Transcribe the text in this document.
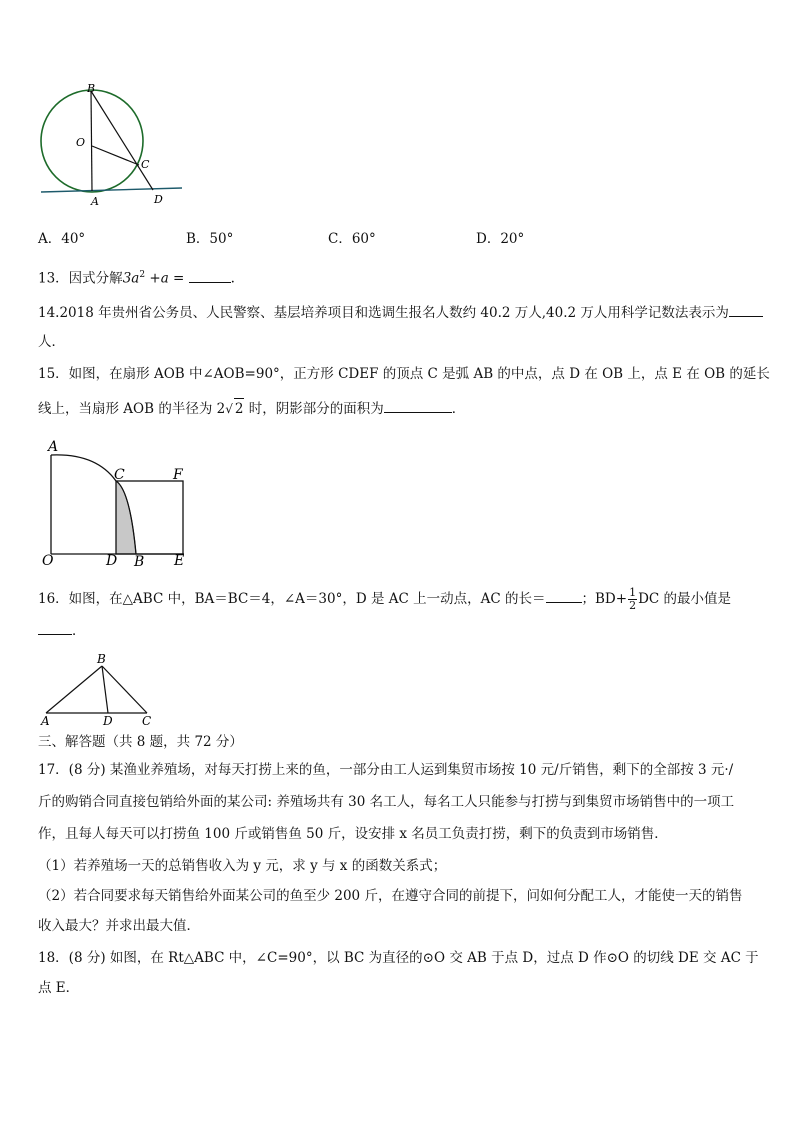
B
O
C
A	D
A．40°	B．50°	C．60°	D．20°
13．因式分解$3a^2 +a$ =	.
14.2018 年贵州省公务员、人民警察、基层培养项目和选调生报名人数约 40.2 万人,40.2 万人用科学记数法表示为
人．
15．如图，在扇形 AOB 中∠AOB=90°，正方形 CDEF 的顶点 C 是弧 AB 的中点，点 D 在 OB 上，点 E 在 OB 的延长
线上，当扇形 AOB 的半径为 2√ 2 时，阴影部分的面积为	．
A
C	F
O	D B E
16．如图，在△ABC 中，BA＝BC＝4，∠A＝30°，D 是 AC 上一动点，AC 的长＝	；$BD+ \frac{1}{2}$ DC 的最小值是
．
B
A	D C
三、解答题（共 8 题，共 72 分）
17．(8 分) 某渔业养殖场，对每天打捞上来的鱼，一部分由工人运到集贸市场按 10 元/斤销售，剩下的全部按 3 元·/
斤的购销合同直接包销给外面的某公司: 养殖场共有 30 名工人，每名工人只能参与打捞与到集贸市场销售中的一项工
作，且每人每天可以打捞鱼 100 斤或销售鱼 50 斤，设安排 x 名员工负责打捞，剩下的负责到市场销售．
（1）若养殖场一天的总销售收入为 y 元，求 y 与 x 的函数关系式；
（2）若合同要求每天销售给外面某公司的鱼至少 200 斤，在遵守合同的前提下，问如何分配工人，才能使一天的销售
收入最大？并求出最大值．
18．(8 分) 如图，在 Rt△ABC 中，∠C=90°，以 BC 为直径的⊙O 交 AB 于点 D，过点 D 作⊙O 的切线 DE 交 AC 于
点 E．
